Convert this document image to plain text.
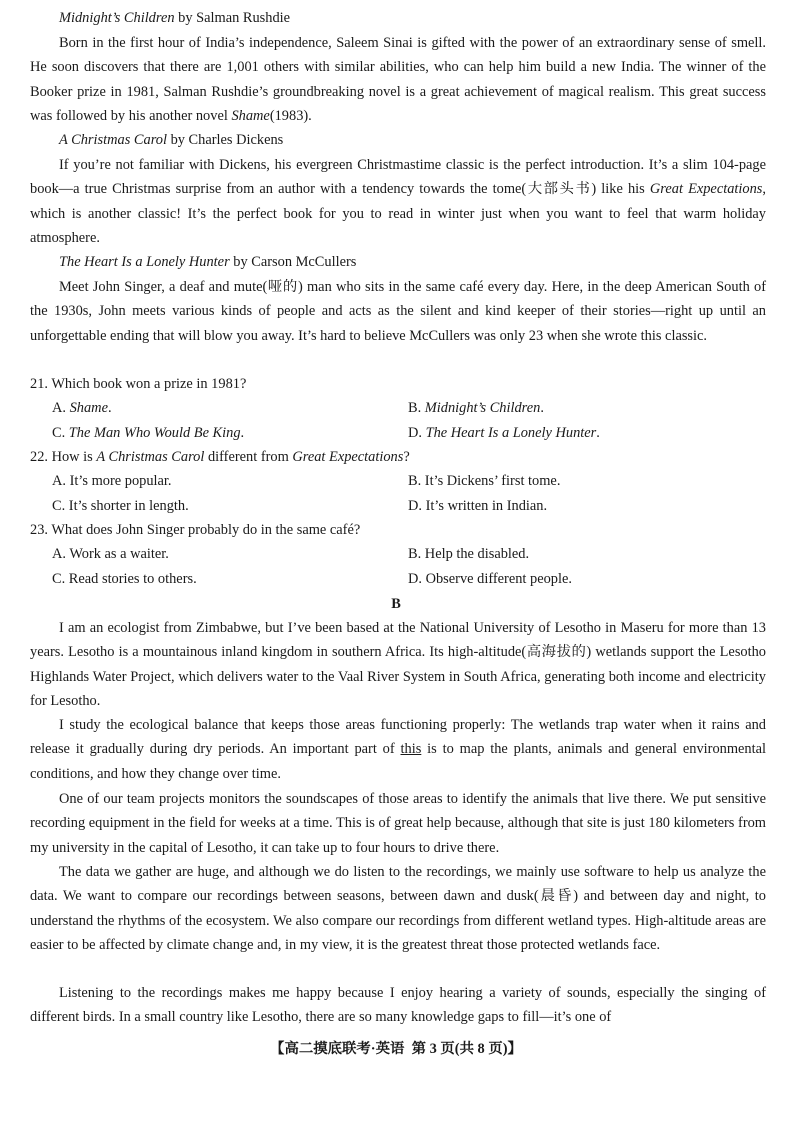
Midnight’s Children by Salman Rushdie

Born in the first hour of India’s independence, Saleem Sinai is gifted with the power of an extraordinary sense of smell. He soon discovers that there are 1,001 others with similar abilities, who can help him build a new India. The winner of the Booker prize in 1981, Salman Rushdie’s groundbreaking novel is a great achievement of magical realism. This great success was followed by his another novel Shame(1983).

A Christmas Carol by Charles Dickens

If you’re not familiar with Dickens, his evergreen Christmastime classic is the perfect introduction. It’s a slim 104-page book—a true Christmas surprise from an author with a tendency towards the tome(大部头书) like his Great Expectations, which is another classic! It’s the perfect book for you to read in winter just when you want to feel that warm holiday atmosphere.

The Heart Is a Lonely Hunter by Carson McCullers

Meet John Singer, a deaf and mute(哑的) man who sits in the same café every day. Here, in the deep American South of the 1930s, John meets various kinds of people and acts as the silent and kind keeper of their stories—right up until an unforgettable ending that will blow you away. It’s hard to believe McCullers was only 23 when she wrote this classic.

21. Which book won a prize in 1981?
A. Shame.	B. Midnight’s Children.
C. The Man Who Would Be King.	D. The Heart Is a Lonely Hunter.
22. How is A Christmas Carol different from Great Expectations?
A. It’s more popular.	B. It’s Dickens’ first tome.
C. It’s shorter in length.	D. It’s written in Indian.
23. What does John Singer probably do in the same café?
A. Work as a waiter.	B. Help the disabled.
C. Read stories to others.	D. Observe different people.
B

I am an ecologist from Zimbabwe, but I’ve been based at the National University of Lesotho in Maseru for more than 13 years. Lesotho is a mountainous inland kingdom in southern Africa. Its high-altitude(高海拔的) wetlands support the Lesotho Highlands Water Project, which delivers water to the Vaal River System in South Africa, generating both income and electricity for Lesotho.

I study the ecological balance that keeps those areas functioning properly: The wetlands trap water when it rains and release it gradually during dry periods. An important part of this is to map the plants, animals and general environmental conditions, and how they change over time.

One of our team projects monitors the soundscapes of those areas to identify the animals that live there. We put sensitive recording equipment in the field for weeks at a time. This is of great help because, although that site is just 180 kilometers from my university in the capital of Lesotho, it can take up to four hours to drive there.

The data we gather are huge, and although we do listen to the recordings, we mainly use software to help us analyze the data. We want to compare our recordings between seasons, between dawn and dusk(晨昏) and between day and night, to understand the rhythms of the ecosystem. We also compare our recordings from different wetland types. High-altitude areas are easier to be affected by climate change and, in my view, it is the greatest threat those protected wetlands face.

Listening to the recordings makes me happy because I enjoy hearing a variety of sounds, especially the singing of different birds. In a small country like Lesotho, there are so many knowledge gaps to fill—it’s one of

【高二摸底联考·英语 第 3 页(共 8 页)】
